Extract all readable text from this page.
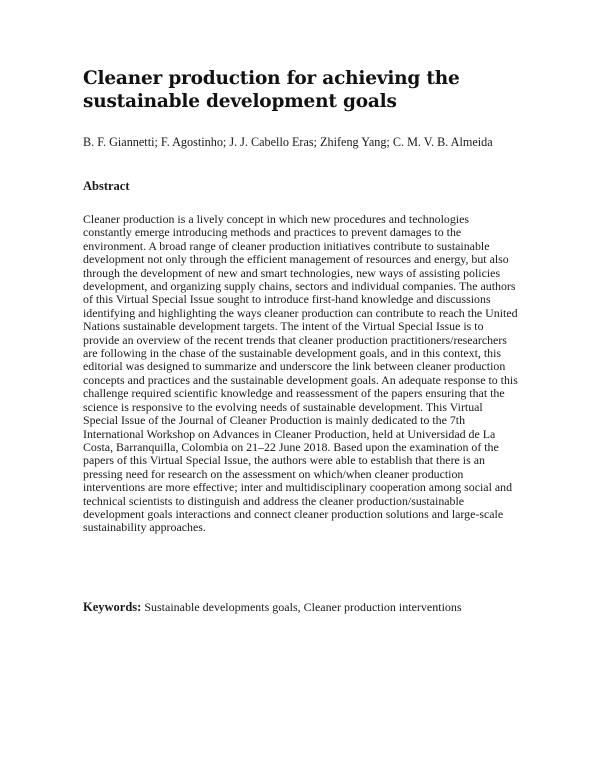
Cleaner production for achieving the sustainable development goals
B. F. Giannetti; F. Agostinho; J. J. Cabello Eras; Zhifeng Yang; C. M. V. B. Almeida
Abstract

Cleaner production is a lively concept in which new procedures and technologies constantly emerge introducing methods and practices to prevent damages to the environment. A broad range of cleaner production initiatives contribute to sustainable development not only through the efficient management of resources and energy, but also through the development of new and smart technologies, new ways of assisting policies development, and organizing supply chains, sectors and individual companies. The authors of this Virtual Special Issue sought to introduce first-hand knowledge and discussions identifying and highlighting the ways cleaner production can contribute to reach the United Nations sustainable development targets. The intent of the Virtual Special Issue is to provide an overview of the recent trends that cleaner production practitioners/researchers are following in the chase of the sustainable development goals, and in this context, this editorial was designed to summarize and underscore the link between cleaner production concepts and practices and the sustainable development goals. An adequate response to this challenge required scientific knowledge and reassessment of the papers ensuring that the science is responsive to the evolving needs of sustainable development. This Virtual Special Issue of the Journal of Cleaner Production is mainly dedicated to the 7th International Workshop on Advances in Cleaner Production, held at Universidad de La Costa, Barranquilla, Colombia on 21–22 June 2018. Based upon the examination of the papers of this Virtual Special Issue, the authors were able to establish that there is an pressing need for research on the assessment on which/when cleaner production interventions are more effective; inter and multidisciplinary cooperation among social and technical scientists to distinguish and address the cleaner production/sustainable development goals interactions and connect cleaner production solutions and large-scale sustainability approaches.

Keywords: Sustainable developments goals, Cleaner production interventions
